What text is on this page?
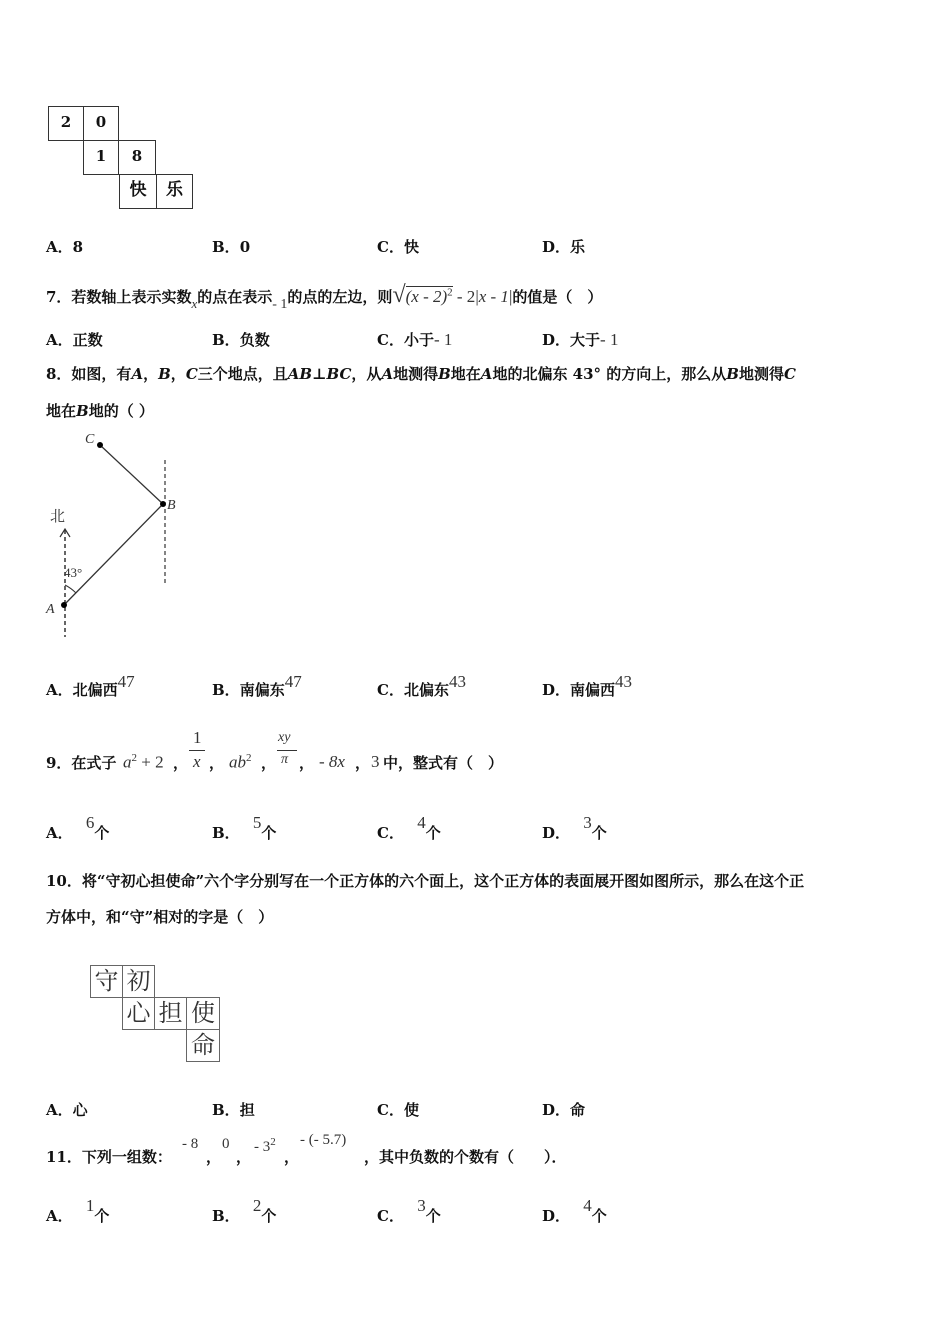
2	0
1	8
快	乐
A．8	B．0	C．快	D．乐
7．若数轴上表示实数x的点在表示- 1的点的左边，则√(x - 2)$^2$ - 2|x - 1|的值是（　）
A．正数	B．负数	C．小于- 1	D．大于- 1
8．如图，有A，B，C三个地点，且AB⊥BC，从A地测得B地在A地的北偏东 43° 的方向上，那么从B地测得C
地在B地的（ ）
北
43°
A
B
C
A．北偏西47	B．南偏东47	C．北偏东43	D．南偏西43
9．在式子 $a^2 + 2$ ，
1
x ， $ab^2$ ，
xy
π ， - 8x ， 3 中，整式有（　）
A． 6个	B． 5个	C． 4个	D． 3个
10．将“守初心担使命”六个字分别写在一个正方体的六个面上，这个正方体的表面展开图如图所示，那么在这个正
方体中，和“守”相对的字是（　）
守 初
心 担 使
命
A．心	B．担	C．使	D．命
11．下列一组数：
- 8
，
0
，
- $3^2$
，
- (- 5.7)
，其中负数的个数有（　　）．
A． 1个	B． 2个	C． 3个	D． 4个
